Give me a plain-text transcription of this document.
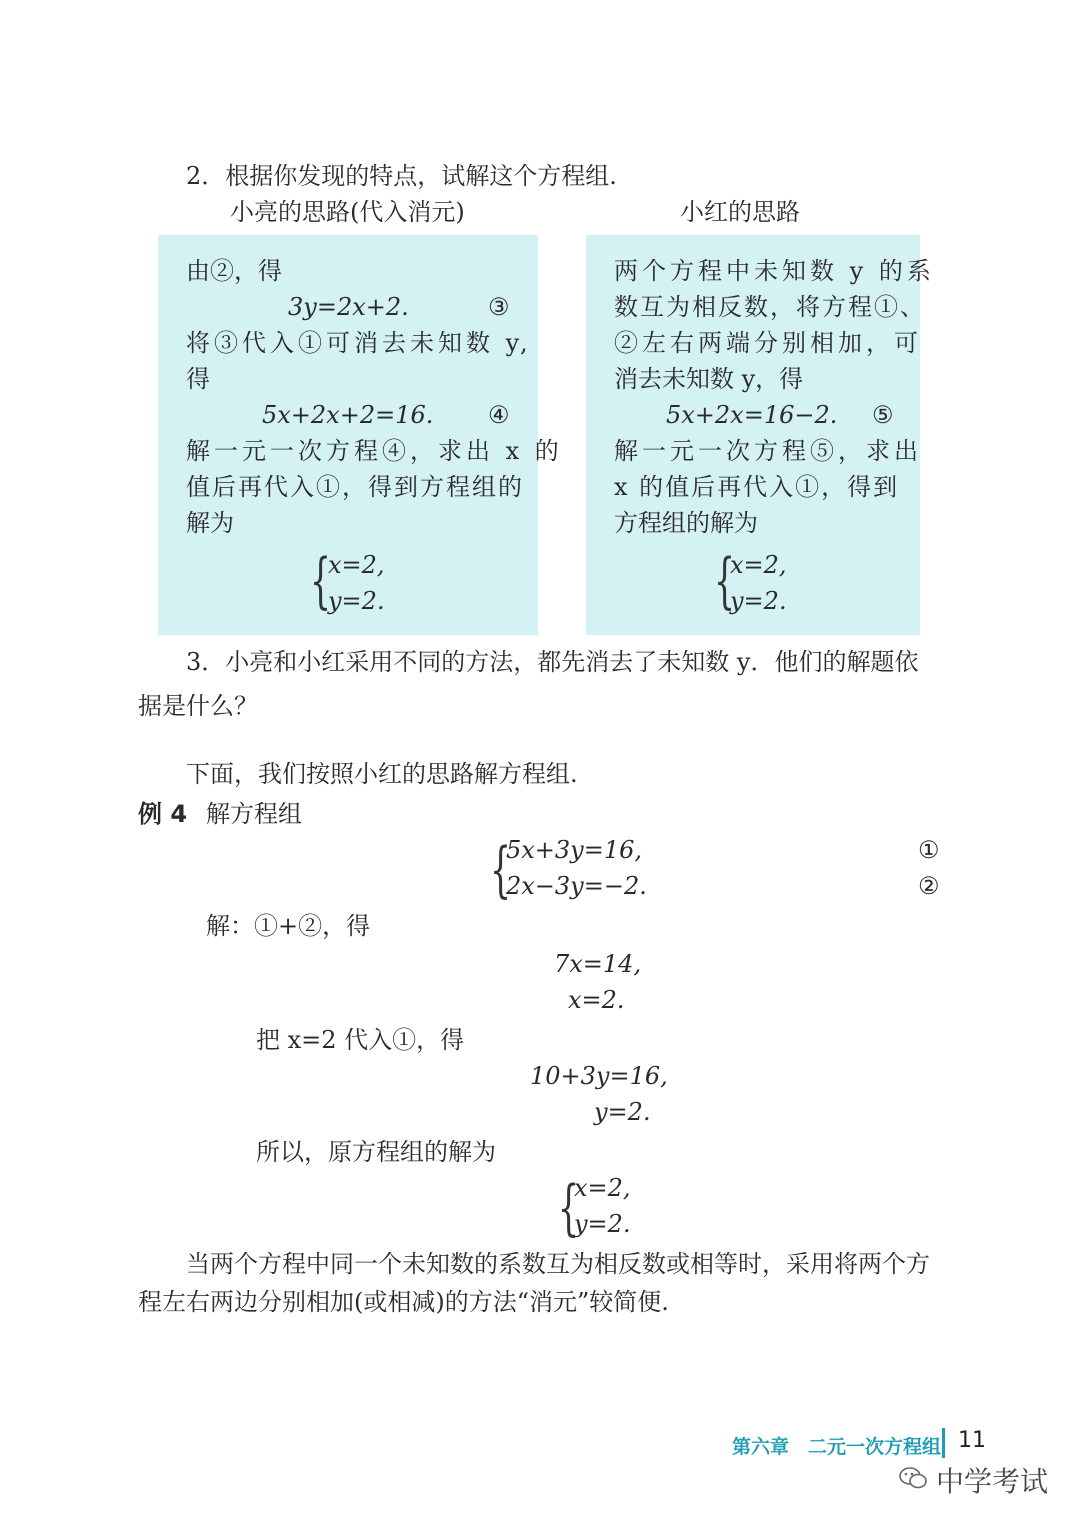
2．根据你发现的特点，试解这个方程组.
小亮的思路(代入消元)	小红的思路
由②，得
3y=2x+2.	③
将③代入①可消去未知数 y,
得
5x+2x+2=16. ④
解一元一次方程④，求出 x 的
值后再代入①，得到方程组的
解为
{
x=2,
y=2.
两个方程中未知数 y 的系
数互为相反数，将方程①、
②左右两端分别相加，可
消去未知数 y，得
5x+2x=16−2. ⑤
解一元一次方程⑤，求出
x 的值后再代入①，得到
方程组的解为
{
x=2,
y=2.
3．小亮和小红采用不同的方法，都先消去了未知数 y．他们的解题依
据是什么？
下面，我们按照小红的思路解方程组.
例 4 解方程组
{
5x+3y=16,	①
2x−3y=−2.	②
解：①+②，得
7x=14,
x=2.
把 x=2 代入①，得
10+3y=16,
y=2.
所以，原方程组的解为
{
x=2,
y=2.
当两个方程中同一个未知数的系数互为相反数或相等时，采用将两个方
程左右两边分别相加(或相减)的方法“消元”较简便.
第六章　二元一次方程组 11
中学考试
